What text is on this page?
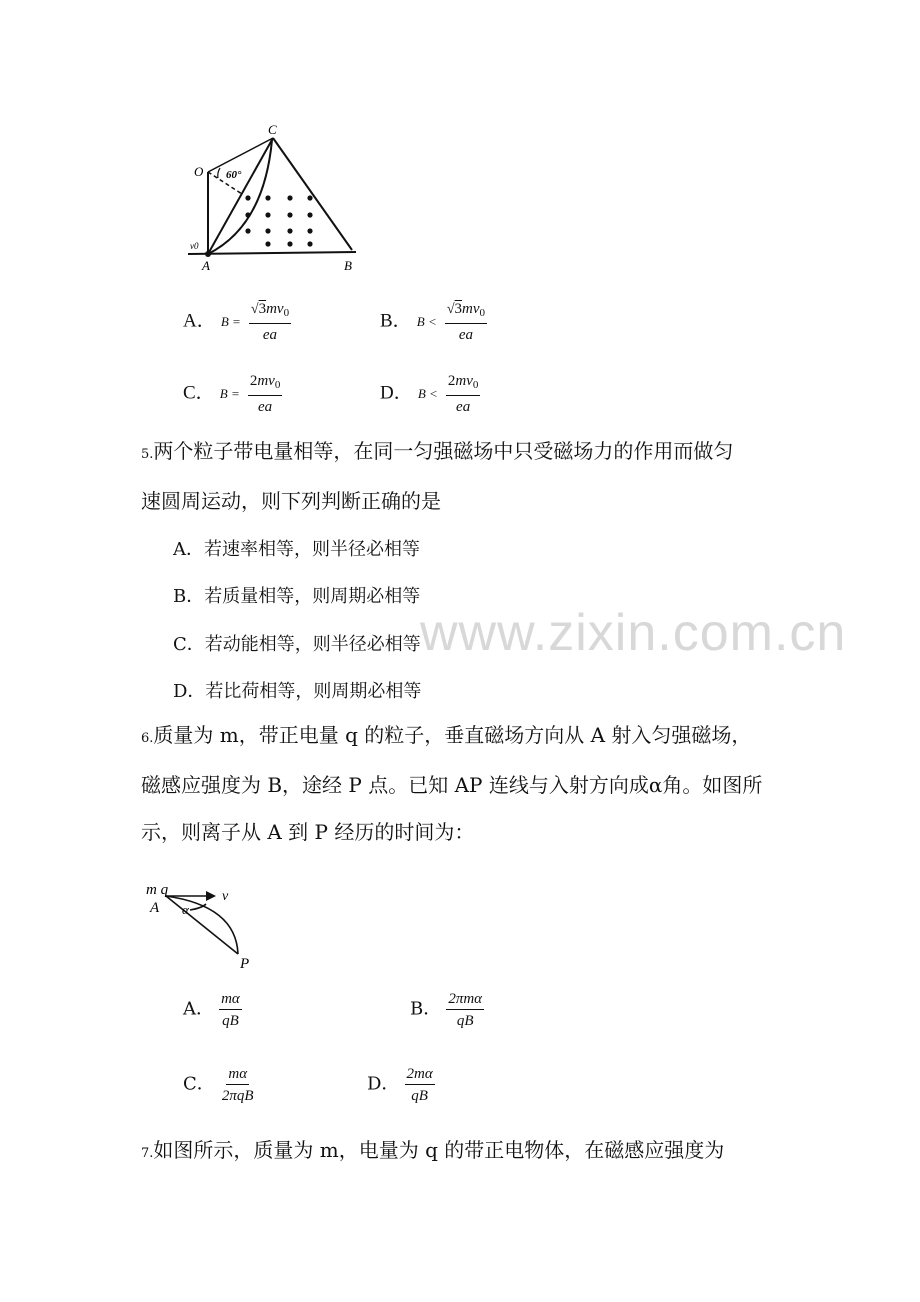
www.zixin.com.cn
C
O 60°
v0
A	B
A． $B = \frac{√3mv_0}{ea}$	B． $B < \frac{√3mv_0}{ea}$
C． $B = \frac{2mv_0}{ea}$	D． $B < \frac{2mv_0}{ea}$
5.两个粒子带电量相等，在同一匀强磁场中只受磁场力的作用而做匀
速圆周运动，则下列判断正确的是
A．若速率相等，则半径必相等
B．若质量相等，则周期必相等
C．若动能相等，则半径必相等
D．若比荷相等，则周期必相等
6.质量为 m，带正电量 q 的粒子，垂直磁场方向从 A 射入匀强磁场，
磁感应强度为 B，途经 P 点。已知 AP 连线与入射方向成α角。如图所
示，则离子从 A 到 P 经历的时间为：
m q
A
v
α
P
A． $\frac{m\alpha}{qB}$	B． $\frac{\text{2πmα}}{qB}$
C． $\frac{m\alpha}{\text{2πqB}}$	D． $\frac{2m\alpha}{qB}$
7.如图所示，质量为 m，电量为 q 的带正电物体，在磁感应强度为
